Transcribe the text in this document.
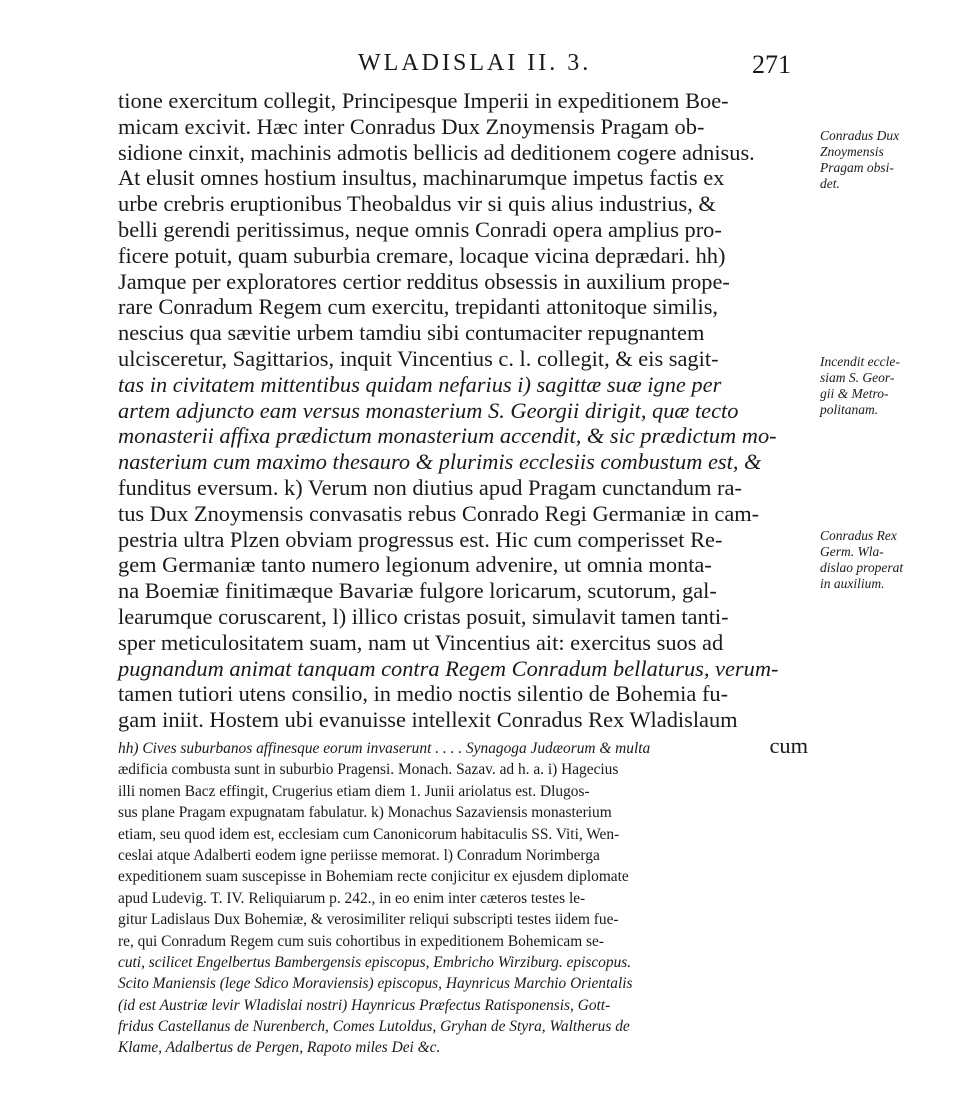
WLADISLAI II. 3.	271
tione exercitum collegit, Principesque Imperii in expeditionem Boe-
micam excivit. Hæc inter Conradus Dux Znoymensis Pragam ob-
sidione cinxit, machinis admotis bellicis ad deditionem cogere adnisus.
At elusit omnes hostium insultus, machinarumque impetus factis ex
urbe crebris eruptionibus Theobaldus vir si quis alius industrius, &
belli gerendi peritissimus, neque omnis Conradi opera amplius pro-
ficere potuit, quam suburbia cremare, locaque vicina deprædari. hh)
Jamque per exploratores certior redditus obsessis in auxilium prope-
rare Conradum Regem cum exercitu, trepidanti attonitoque similis,
nescius qua sævitie urbem tamdiu sibi contumaciter repugnantem
ulcisceretur, Sagittarios, inquit Vincentius c. l. collegit, & eis sagit-
tas in civitatem mittentibus quidam nefarius i) sagittæ suæ igne per
artem adjuncto eam versus monasterium S. Georgii dirigit, quæ tecto
monasterii affixa prædictum monasterium accendit, & sic prædictum mo-
nasterium cum maximo thesauro & plurimis ecclesiis combustum est, &
funditus eversum. k) Verum non diutius apud Pragam cunctandum ra-
tus Dux Znoymensis convasatis rebus Conrado Regi Germaniæ in cam-
pestria ultra Plzen obviam progressus est. Hic cum comperisset Re-
gem Germaniæ tanto numero legionum advenire, ut omnia monta-
na Boemiæ finitimæque Bavariæ fulgore loricarum, scutorum, gal-
learumque coruscarent, l) illico cristas posuit, simulavit tamen tanti-
sper meticulositatem suam, nam ut Vincentius ait: exercitus suos ad
pugnandum animat tanquam contra Regem Conradum bellaturus, verum-
tamen tutiori utens consilio, in medio noctis silentio de Bohemia fu-
gam iniit. Hostem ubi evanuisse intellexit Conradus Rex Wladislaum
cum
Conradus Dux
Znoymensis
Pragam obsi-
det.
Incendit eccle-
siam S. Geor-
gii & Metro-
politanam.
Conradus Rex
Germ. Wla-
dislao properat
in auxilium.
hh) Cives suburbanos affinesque eorum invaserunt . . . . Synagoga Judæorum & multa
ædificia combusta sunt in suburbio Pragensi. Monach. Sazav. ad h. a. i) Hagecius
illi nomen Bacz effingit, Crugerius etiam diem 1. Junii ariolatus est. Dlugos-
sus plane Pragam expugnatam fabulatur. k) Monachus Sazaviensis monasterium
etiam, seu quod idem est, ecclesiam cum Canonicorum habitaculis SS. Viti, Wen-
ceslai atque Adalberti eodem igne periisse memorat. l) Conradum Norimberga
expeditionem suam suscepisse in Bohemiam recte conjicitur ex ejusdem diplomate
apud Ludevig. T. IV. Reliquiarum p. 242., in eo enim inter cæteros testes le-
gitur Ladislaus Dux Bohemiæ, & verosimiliter reliqui subscripti testes iidem fue-
re, qui Conradum Regem cum suis cohortibus in expeditionem Bohemicam se-
cuti, scilicet Engelbertus Bambergensis episcopus, Embricho Wirziburg. episcopus.
Scito Maniensis (lege Sdico Moraviensis) episcopus, Haynricus Marchio Orientalis
(id est Austriæ levir Wladislai nostri) Haynricus Præfectus Ratisponensis, Gott-
fridus Castellanus de Nurenberch, Comes Lutoldus, Gryhan de Styra, Waltherus de
Klame, Adalbertus de Pergen, Rapoto miles Dei &c.
